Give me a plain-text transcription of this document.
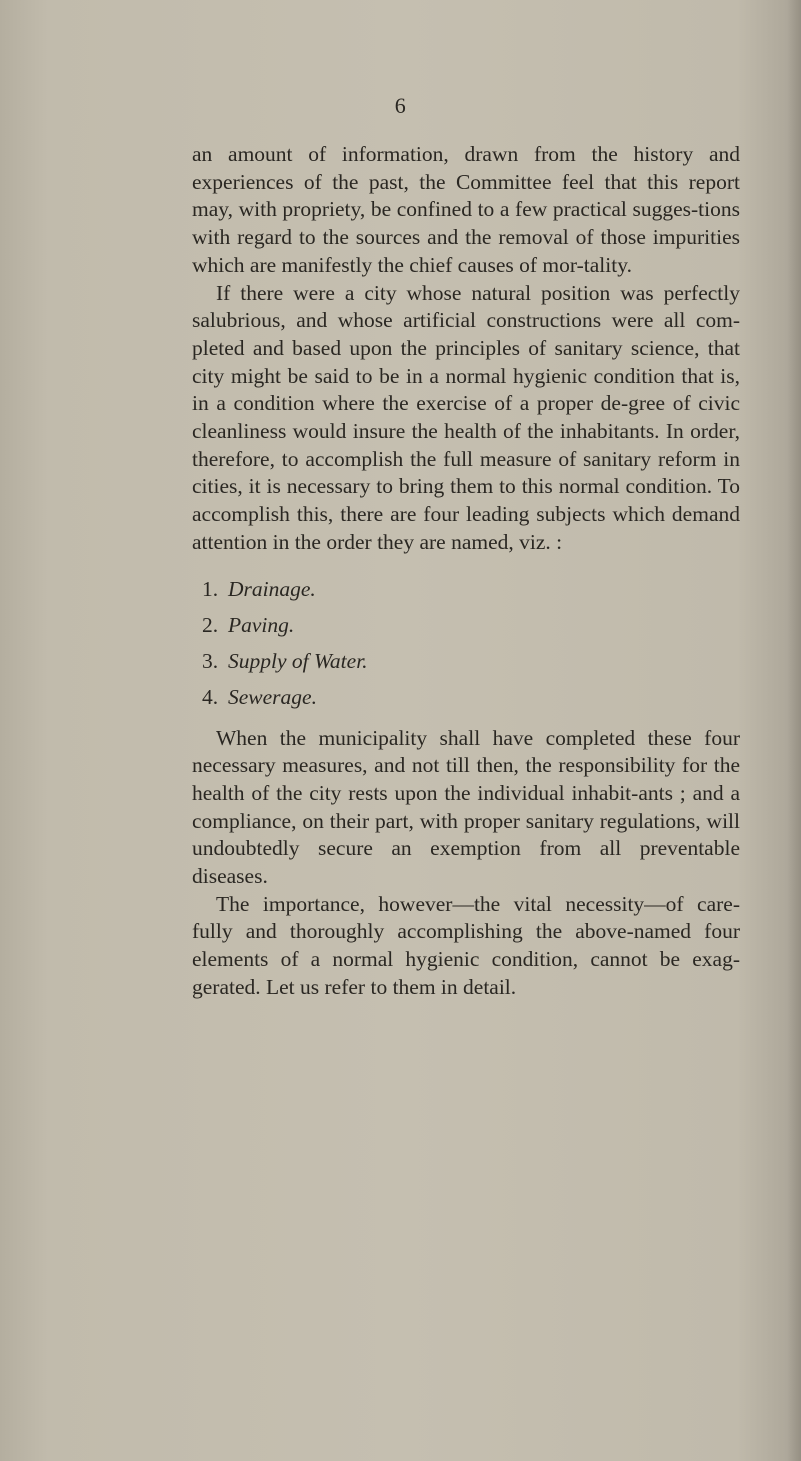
6

an amount of information, drawn from the history and experiences of the past, the Committee feel that this report may, with propriety, be confined to a few practical sugges-tions with regard to the sources and the removal of those impurities which are manifestly the chief causes of mor-tality.

If there were a city whose natural position was perfectly salubrious, and whose artificial constructions were all com-pleted and based upon the principles of sanitary science, that city might be said to be in a normal hygienic condition that is, in a condition where the exercise of a proper de-gree of civic cleanliness would insure the health of the inhabitants. In order, therefore, to accomplish the full measure of sanitary reform in cities, it is necessary to bring them to this normal condition. To accomplish this, there are four leading subjects which demand attention in the order they are named, viz. :

1. Drainage.
2. Paving.
3. Supply of Water.
4. Sewerage.

When the municipality shall have completed these four necessary measures, and not till then, the responsibility for the health of the city rests upon the individual inhabit-ants ; and a compliance, on their part, with proper sanitary regulations, will undoubtedly secure an exemption from all preventable diseases.

The importance, however—the vital necessity—of care-fully and thoroughly accomplishing the above-named four elements of a normal hygienic condition, cannot be exag-gerated. Let us refer to them in detail.
